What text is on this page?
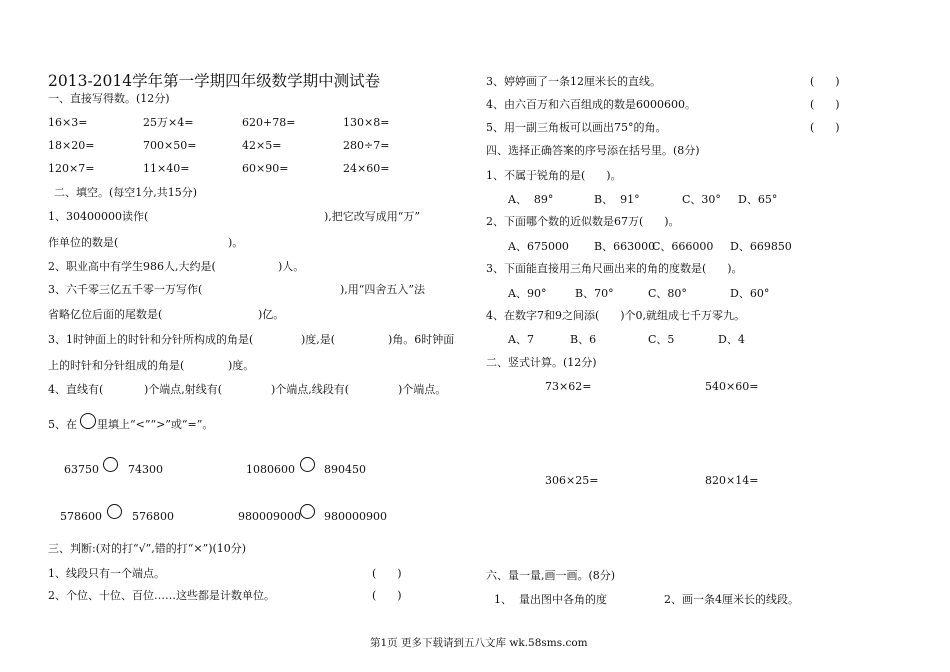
2013-2014学年第一学期四年级数学期中测试卷
一、直接写得数。(12分)
16×3=	25万×4=	620+78=	130×8=
18×20=	700×50=	42×5=	280÷7=
120×7=	11×40=	60×90=	24×60=
二、填空。(每空1分,共15分)
1、30400000读作(	),把它改写成用“万”
作单位的数是(	)。
2、职业高中有学生986人,大约是(	)人。
3、六千零三亿五千零一万写作(	),用“四舍五入”法
省略亿位后面的尾数是(	)亿。
3、1时钟面上的时针和分针所构成的角是(	)度,是(	)角。6时钟面
上的时针和分针组成的角是(	)度。
4、直线有(	)个端点,射线有(	)个端点,线段有(	)个端点。
5、在 里填上“<”“>”或“=”。
63750	74300	1080600	890450
578600	576800	980009000 980000900
三、判断:(对的打“√”,错的打“×”)(10分)
1、线段只有一个端点。	(      )
2、个位、十位、百位……这些都是计数单位。	(      )
3、婷婷画了一条12厘米长的直线。	(      )
4、由六百万和六百组成的数是6000600。	(      )
5、用一副三角板可以画出75°的角。	(      )
四、选择正确答案的序号添在括号里。(8分)
1、不属于锐角的是(      )。
A、  89°	B、  91°	C、30° D、65°
2、下面哪个数的近似数是67万(      )。
A、675000 B、663000
C、666000 D、669850
3、下面能直接用三角尺画出来的角的度数是(      )。
A、90°	B、70°	C、80°	D、60°
4、在数字7和9之间添(      )个0,就组成七千万零九。
A、7	B、6	C、5	D、4
二、竖式计算。(12分)
73×62=	540×60=
306×25=	820×14=
六、量一量,画一画。(8分)
1、  量出图中各角的度	2、画一条4厘米长的线段。
第1页 更多下载请到五八文库 wk.58sms.com
